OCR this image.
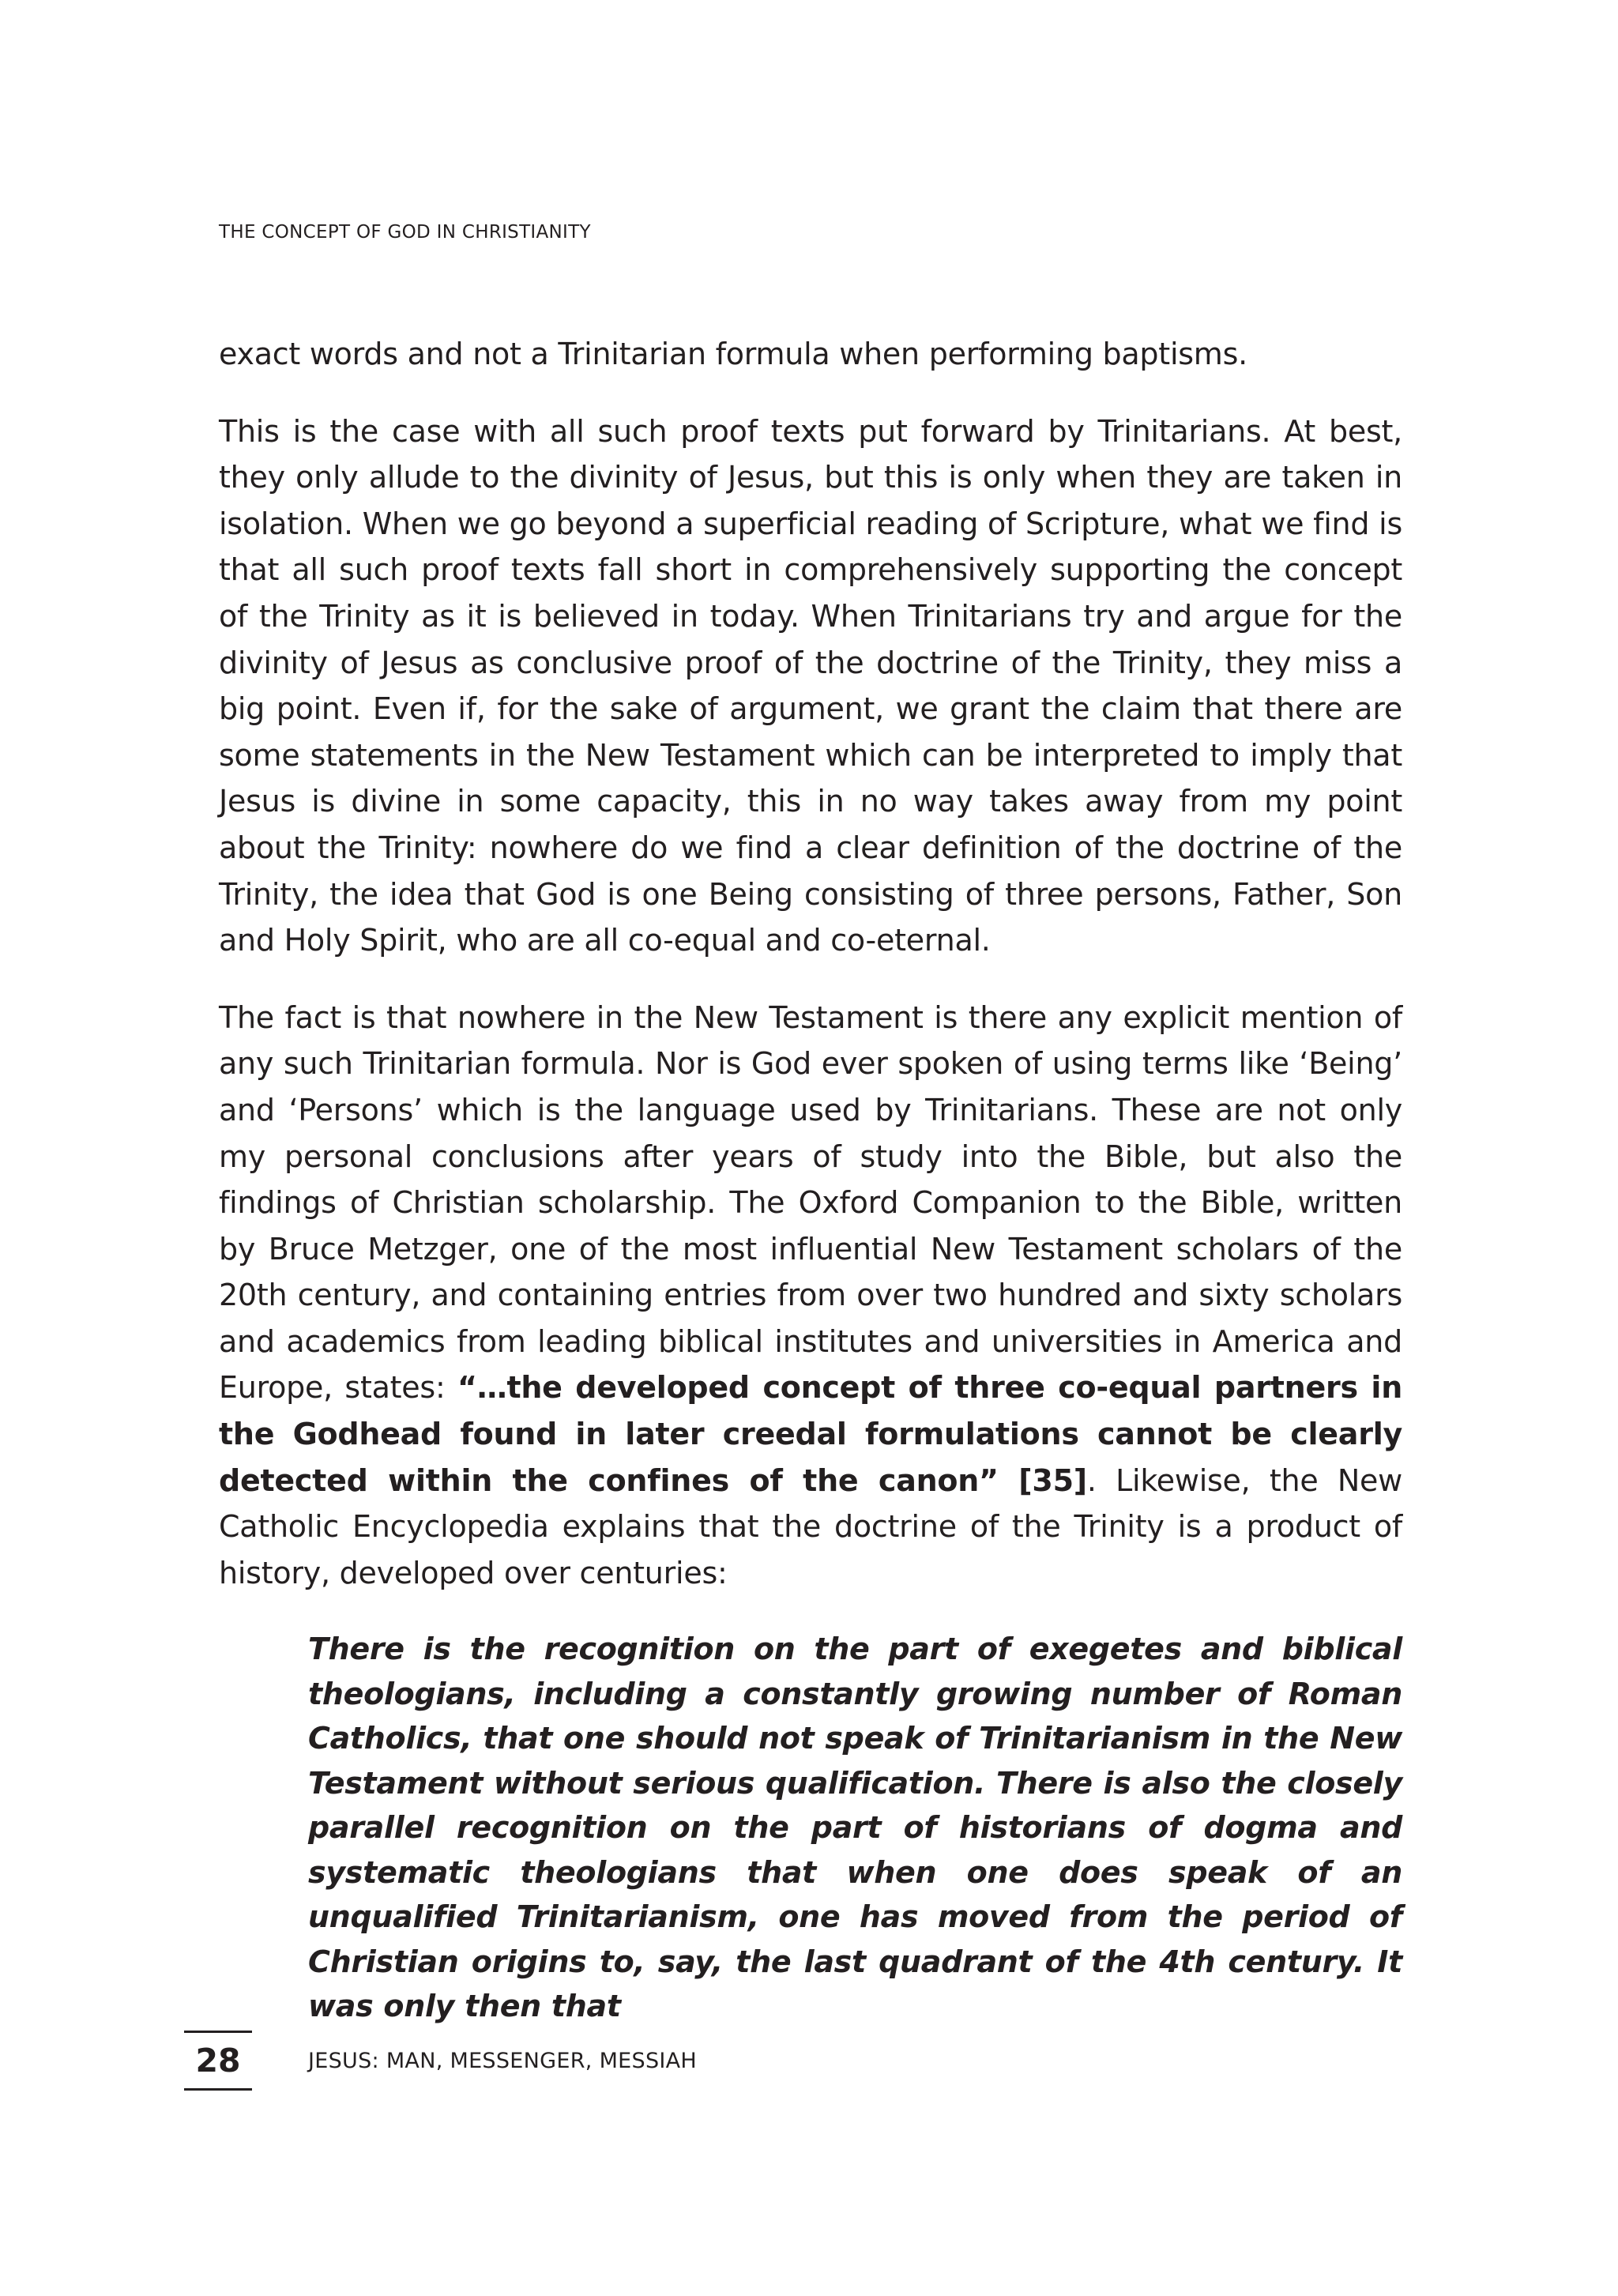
THE CONCEPT OF GOD IN CHRISTIANITY

exact words and not a Trinitarian formula when performing baptisms.

This is the case with all such proof texts put forward by Trinitarians. At best, they only allude to the divinity of Jesus, but this is only when they are taken in isolation. When we go beyond a superficial reading of Scripture, what we find is that all such proof texts fall short in comprehensively supporting the concept of the Trinity as it is believed in today. When Trinitarians try and argue for the divinity of Jesus as conclusive proof of the doctrine of the Trinity, they miss a big point. Even if, for the sake of argument, we grant the claim that there are some statements in the New Testament which can be interpreted to imply that Jesus is divine in some capacity, this in no way takes away from my point about the Trinity: nowhere do we find a clear definition of the doctrine of the Trinity, the idea that God is one Being consisting of three persons, Father, Son and Holy Spirit, who are all co-equal and co-eternal.

The fact is that nowhere in the New Testament is there any explicit mention of any such Trinitarian formula. Nor is God ever spoken of using terms like ‘Being’ and ‘Persons’ which is the language used by Trinitarians. These are not only my personal conclusions after years of study into the Bible, but also the findings of Christian scholarship. The Oxford Companion to the Bible, written by Bruce Metzger, one of the most influential New Testament scholars of the 20th century, and containing entries from over two hundred and sixty scholars and academics from leading biblical institutes and universities in America and Europe, states: “…the developed concept of three co-equal partners in the Godhead found in later creedal formulations cannot be clearly detected within the confines of the canon” [35]. Likewise, the New Catholic Encyclopedia explains that the doctrine of the Trinity is a product of history, developed over centuries:

There is the recognition on the part of exegetes and biblical theologians, including a constantly growing number of Roman Catholics, that one should not speak of Trinitarianism in the New Testament without serious qualification. There is also the closely parallel recognition on the part of historians of dogma and systematic theologians that when one does speak of an unqualified Trinitarianism, one has moved from the period of Christian origins to, say, the last quadrant of the 4th century. It was only then that
28	JESUS: MAN, MESSENGER, MESSIAH
